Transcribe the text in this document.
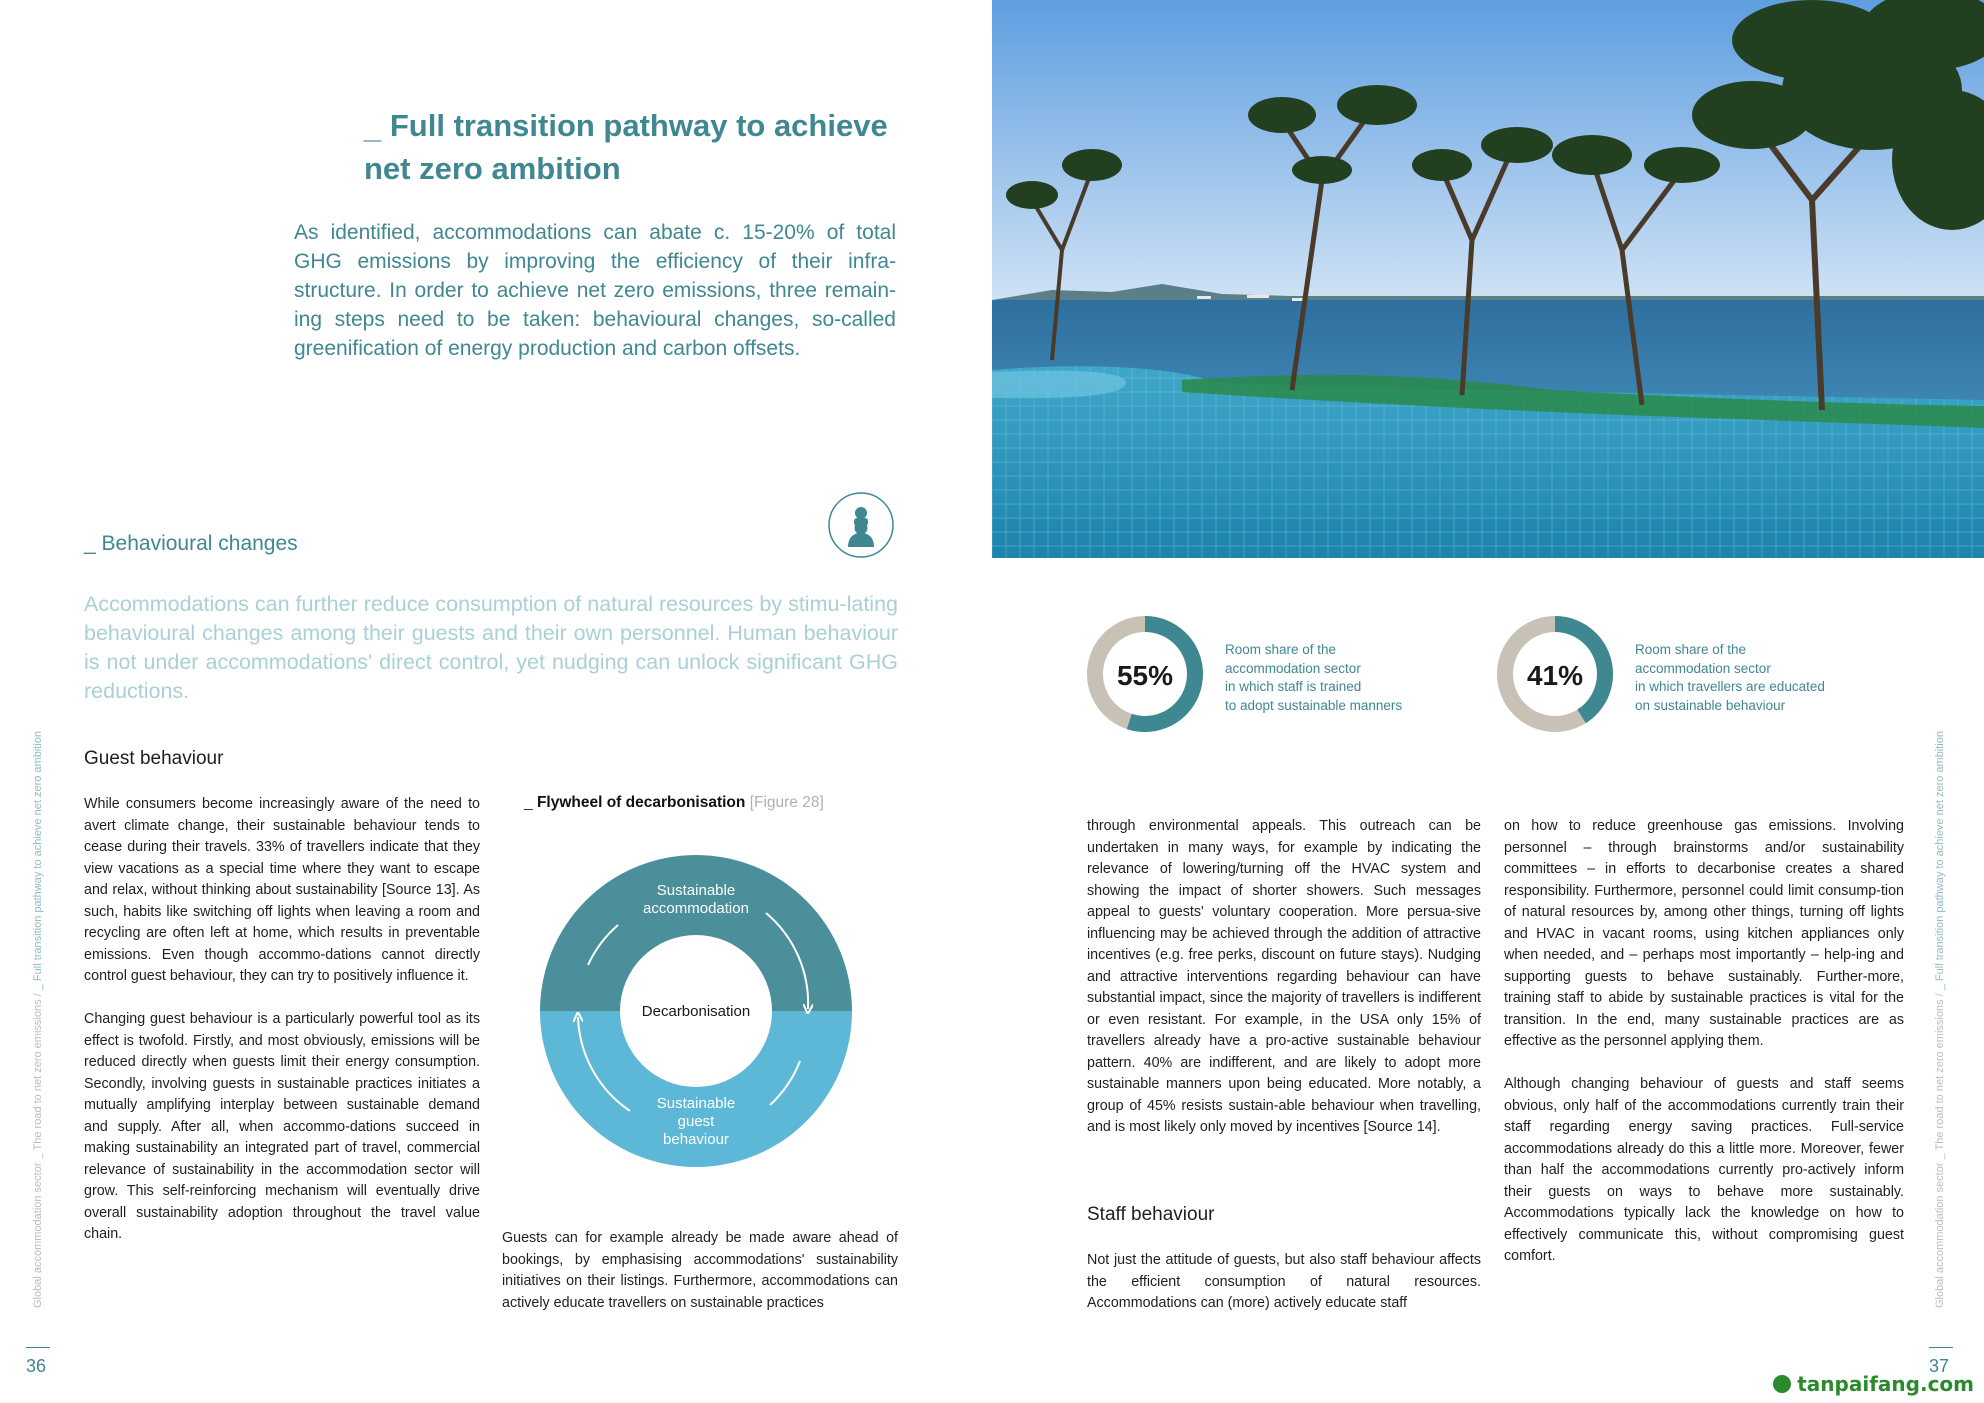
_ Full transition pathway to achieve
net zero ambition
As identified, accommodations can abate c. 15-20% of total GHG emissions by improving the efficiency of their infra-structure. In order to achieve net zero emissions, three remain-ing steps need to be taken: behavioural changes, so-called greenification of energy production and carbon offsets.
_ Behavioural changes
Accommodations can further reduce consumption of natural resources by stimu-lating behavioural changes among their guests and their own personnel. Human behaviour is not under accommodations' direct control, yet nudging can unlock significant GHG reductions.
Guest behaviour

While consumers become increasingly aware of the need to avert climate change, their sustainable behaviour tends to cease during their travels. 33% of travellers indicate that they view vacations as a special time where they want to escape and relax, without thinking about sustainability [Source 13]. As such, habits like switching off lights when leaving a room and recycling are often left at home, which results in preventable emissions. Even though accommo-dations cannot directly control guest behaviour, they can try to positively influence it.

Changing guest behaviour is a particularly powerful tool as its effect is twofold. Firstly, and most obviously, emissions will be reduced directly when guests limit their energy consumption. Secondly, involving guests in sustainable practices initiates a mutually amplifying interplay between sustainable demand and supply. After all, when accommo-dations succeed in making sustainability an integrated part of travel, commercial relevance of sustainability in the accommodation sector will grow. This self-reinforcing mechanism will eventually drive overall sustainability adoption throughout the travel value chain.

_ Flywheel of decarbonisation [Figure 28]
Sustainable
accommodation
Decarbonisation
Sustainable
guest
behaviour
Guests can for example already be made aware ahead of bookings, by emphasising accommodations' sustainability initiatives on their listings. Furthermore, accommodations can actively educate travellers on sustainable practices
Global accommodation sector _ The road to net zero emissions / _ Full transition pathway to achieve net zero ambition
36
55%
Room share of the
accommodation sector
in which staff is trained
to adopt sustainable manners
41%
Room share of the
accommodation sector
in which travellers are educated
on sustainable behaviour

through environmental appeals. This outreach can be undertaken in many ways, for example by indicating the relevance of lowering/turning off the HVAC system and showing the impact of shorter showers. Such messages appeal to guests' voluntary cooperation. More persua-sive influencing may be achieved through the addition of attractive incentives (e.g. free perks, discount on future stays). Nudging and attractive interventions regarding behaviour can have substantial impact, since the majority of travellers is indifferent or even resistant. For example, in the USA only 15% of travellers already have a pro-active sustainable behaviour pattern. 40% are indifferent, and are likely to adopt more sustainable manners upon being educated. More notably, a group of 45% resists sustain-able behaviour when travelling, and is most likely only moved by incentives [Source 14].

Staff behaviour
Not just the attitude of guests, but also staff behaviour affects the efficient consumption of natural resources. Accommodations can (more) actively educate staff

on how to reduce greenhouse gas emissions. Involving personnel – through brainstorms and/or sustainability committees – in efforts to decarbonise creates a shared responsibility. Furthermore, personnel could limit consump-tion of natural resources by, among other things, turning off lights and HVAC in vacant rooms, using kitchen appliances only when needed, and – perhaps most importantly – help-ing and supporting guests to behave sustainably. Further-more, training staff to abide by sustainable practices is vital for the transition. In the end, many sustainable practices are as effective as the personnel applying them.

Although changing behaviour of guests and staff seems obvious, only half of the accommodations currently train their staff regarding energy saving practices. Full-service accommodations already do this a little more. Moreover, fewer than half the accommodations currently pro-actively inform their guests on ways to behave more sustainably. Accommodations typically lack the knowledge on how to effectively communicate this, without compromising guest comfort.	Global accommodation sector _ The road to net zero emissions / _ Full transition pathway to achieve net zero ambition
37
tanpaifang.com
